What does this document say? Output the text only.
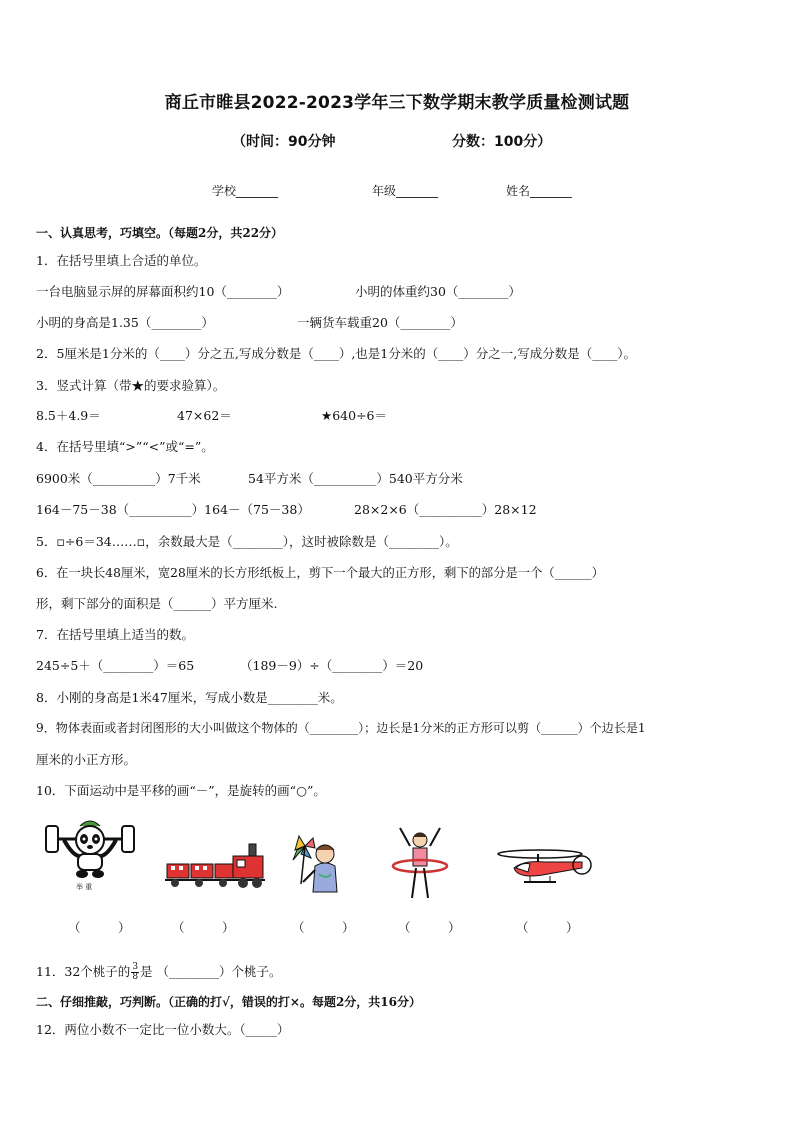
商丘市睢县2022-2023学年三下数学期末教学质量检测试题
（时间：90分钟	分数：100分）
学校_______	年级_______	姓名_______
一、认真思考，巧填空。（每题2分，共22分）
1．在括号里填上合适的单位。
一台电脑显示屏的屏幕面积约10（________）	小明的体重约30（________）
小明的身高是1.35（________）	一辆货车载重20（________）
2．5厘米是1分米的（____）分之五,写成分数是（____）,也是1分米的（____）分之一,写成分数是（____）。
3．竖式计算（带★的要求验算）。
8.5＋4.9＝	47×62＝	★640÷6＝
4．在括号里填“>”“<”或“=”。
6900米（__________）7千米	54平方米（__________）540平方分米
164－75－38（__________）164－（75－38）	28×2×6（__________）28×12
5．▫÷6＝34……▫，余数最大是（________），这时被除数是（________）。
6．在一块长48厘米，宽28厘米的长方形纸板上，剪下一个最大的正方形，剩下的部分是一个（______）
形，剩下部分的面积是（______）平方厘米.
7．在括号里填上适当的数。
245÷5＋（________）＝65	（189－9）÷（________）＝20
8．小刚的身高是1米47厘米，写成小数是________米。
9．物体表面或者封闭图形的大小叫做这个物体的（________）；边长是1分米的正方形可以剪（______）个边长是1
厘米的小正方形。
10．下面运动中是平移的画“－”，是旋转的画“○”。
举 重
（　　　）	（　　　）	（　　　）	（　　　）	（　　　）
11．32个桃子的 $\frac{3}{8}$ 是 （________）个桃子。
二、仔细推敲，巧判断。（正确的打√，错误的打×。每题2分，共16分）
12．两位小数不一定比一位小数大。（_____）
